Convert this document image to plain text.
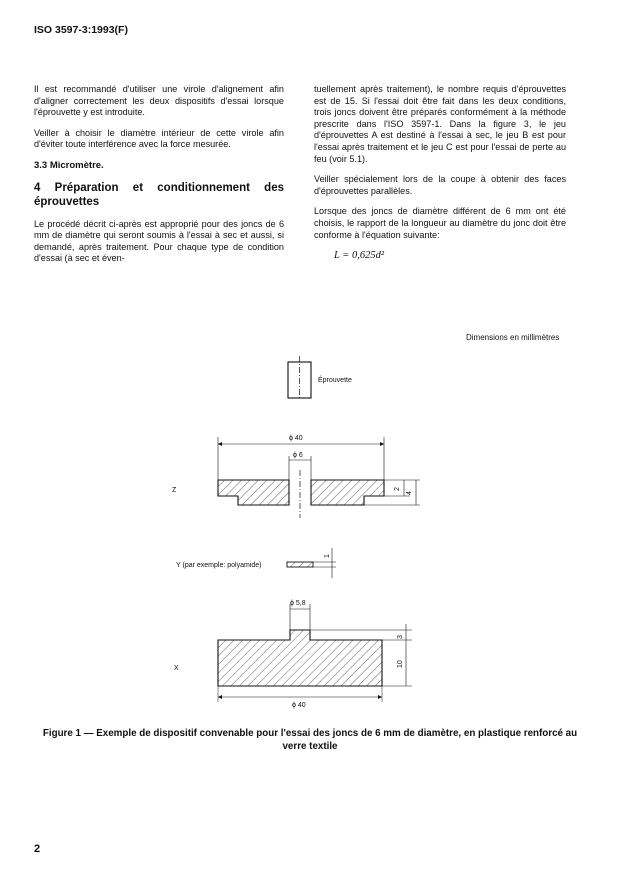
ISO 3597-3:1993(F)

Il est recommandé d'utiliser une virole d'alignement afin d'aligner correctement les deux dispositifs d'essai lorsque l'éprouvette y est introduite.

Veiller à choisir le diamètre intérieur de cette virole afin d'éviter toute interférence avec la force mesurée.

3.3 Micromètre.
4 Préparation et conditionnement des éprouvettes

Le procédé décrit ci-après est approprié pour des joncs de 6 mm de diamètre qui seront soumis à l'essai à sec et aussi, si demandé, après traitement. Pour chaque type de condition d'essai (à sec et éven-

tuellement après traitement), le nombre requis d'éprouvettes est de 15. Si l'essai doit être fait dans les deux conditions, trois joncs doivent être préparés conformément à la méthode prescrite dans l'ISO 3597-1. Dans la figure 3, le jeu d'éprouvettes A est destiné à l'essai à sec, le jeu B est pour l'essai après traitement et le jeu C est pour l'essai de perte au feu (voir 5.1).

Veiller spécialement lors de la coupe à obtenir des faces d'éprouvettes parallèles.

Lorsque des joncs de diamètre différent de 6 mm ont été choisis, le rapport de la longueur au diamètre du jonc doit être conforme à l'équation suivante:

L = 0,625d²
Dimensions en millimètres
Éprouvette
ϕ 40
ϕ 6
2
4
Z
1
Y (par exemple: polyamide)
ϕ 5,8
3
10
ϕ 40
X
Figure 1 — Exemple de dispositif convenable pour l'essai des joncs de 6 mm de diamètre, en plastique renforcé au verre textile
2
